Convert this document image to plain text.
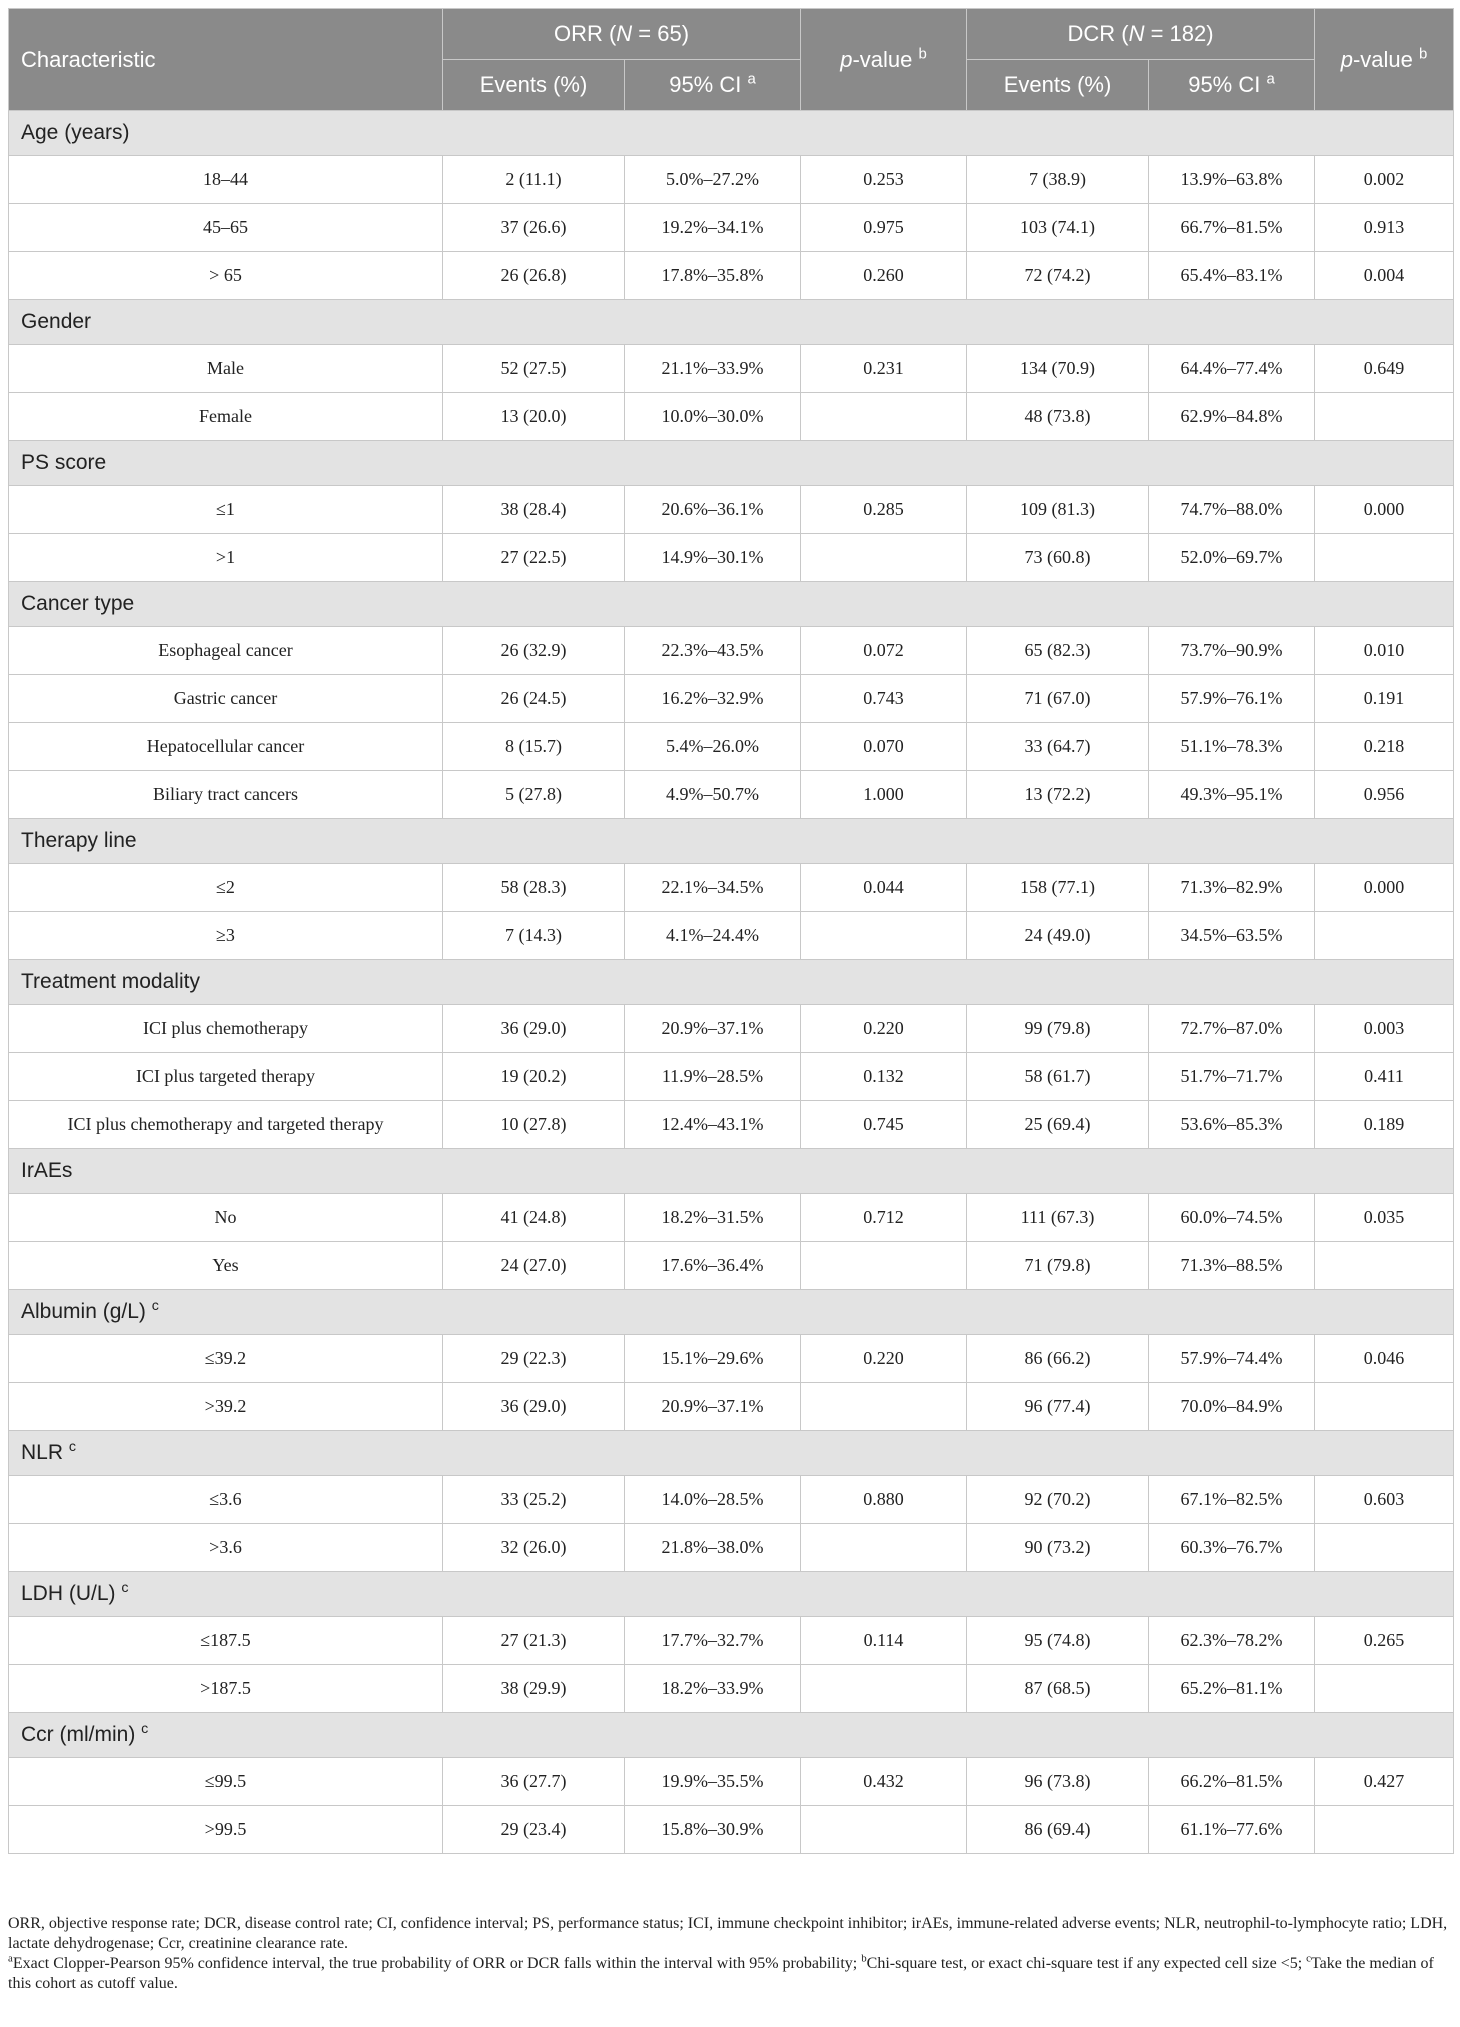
Characteristic	ORR (N = 65)		p-value $^b$	DCR (N = 182)		p-value $^b$
	Events (%)	95% CI $^a$		Events (%)	95% CI $^a$
Age (years)						
18–44	2 (11.1)	5.0%–27.2%	0.253	7 (38.9)	13.9%–63.8%	0.002
45–65	37 (26.6)	19.2%–34.1%	0.975	103 (74.1)	66.7%–81.5%	0.913
> 65	26 (26.8)	17.8%–35.8%	0.260	72 (74.2)	65.4%–83.1%	0.004
Gender						
Male	52 (27.5)	21.1%–33.9%	0.231	134 (70.9)	64.4%–77.4%	0.649
Female	13 (20.0)	10.0%–30.0%		48 (73.8)	62.9%–84.8%	
PS score						
≤1	38 (28.4)	20.6%–36.1%	0.285	109 (81.3)	74.7%–88.0%	0.000
>1	27 (22.5)	14.9%–30.1%		73 (60.8)	52.0%–69.7%	
Cancer type						
Esophageal cancer	26 (32.9)	22.3%–43.5%	0.072	65 (82.3)	73.7%–90.9%	0.010
Gastric cancer	26 (24.5)	16.2%–32.9%	0.743	71 (67.0)	57.9%–76.1%	0.191
Hepatocellular cancer	8 (15.7)	5.4%–26.0%	0.070	33 (64.7)	51.1%–78.3%	0.218
Biliary tract cancers	5 (27.8)	4.9%–50.7%	1.000	13 (72.2)	49.3%–95.1%	0.956
Therapy line						
≤2	58 (28.3)	22.1%–34.5%	0.044	158 (77.1)	71.3%–82.9%	0.000
≥3	7 (14.3)	4.1%–24.4%		24 (49.0)	34.5%–63.5%	
Treatment modality						
ICI plus chemotherapy	36 (29.0)	20.9%–37.1%	0.220	99 (79.8)	72.7%–87.0%	0.003
ICI plus targeted therapy	19 (20.2)	11.9%–28.5%	0.132	58 (61.7)	51.7%–71.7%	0.411
ICI plus chemotherapy and targeted therapy	10 (27.8)	12.4%–43.1%	0.745	25 (69.4)	53.6%–85.3%	0.189
IrAEs						
No	41 (24.8)	18.2%–31.5%	0.712	111 (67.3)	60.0%–74.5%	0.035
Yes	24 (27.0)	17.6%–36.4%		71 (79.8)	71.3%–88.5%	
Albumin (g/L) $^c$
≤39.2	29 (22.3)	15.1%–29.6%	0.220	86 (66.2)	57.9%–74.4%	0.046
>39.2	36 (29.0)	20.9%–37.1%		96 (77.4)	70.0%–84.9%	
NLR $^c$
≤3.6	33 (25.2)	14.0%–28.5%	0.880	92 (70.2)	67.1%–82.5%	0.603
>3.6	32 (26.0)	21.8%–38.0%		90 (73.2)	60.3%–76.7%	
LDH (U/L) $^c$
≤187.5	27 (21.3)	17.7%–32.7%	0.114	95 (74.8)	62.3%–78.2%	0.265
>187.5	38 (29.9)	18.2%–33.9%		87 (68.5)	65.2%–81.1%	
Ccr (ml/min) $^c$
≤99.5	36 (27.7)	19.9%–35.5%	0.432	96 (73.8)	66.2%–81.5%	0.427
>99.5	29 (23.4)	15.8%–30.9%		86 (69.4)	61.1%–77.6%	

ORR, objective response rate; DCR, disease control rate; CI, confidence interval; PS, performance status; ICI, immune checkpoint inhibitor; irAEs, immune-related adverse events; NLR, neutrophil-to-lymphocyte ratio; LDH, lactate dehydrogenase; Ccr, creatinine clearance rate.

$^a$Exact Clopper-Pearson 95% confidence interval, the true probability of ORR or DCR falls within the interval with 95% probability; $^b$Chi-square test, or exact chi-square test if any expected cell size <5; $^c$Take the median of this cohort as cutoff value.
